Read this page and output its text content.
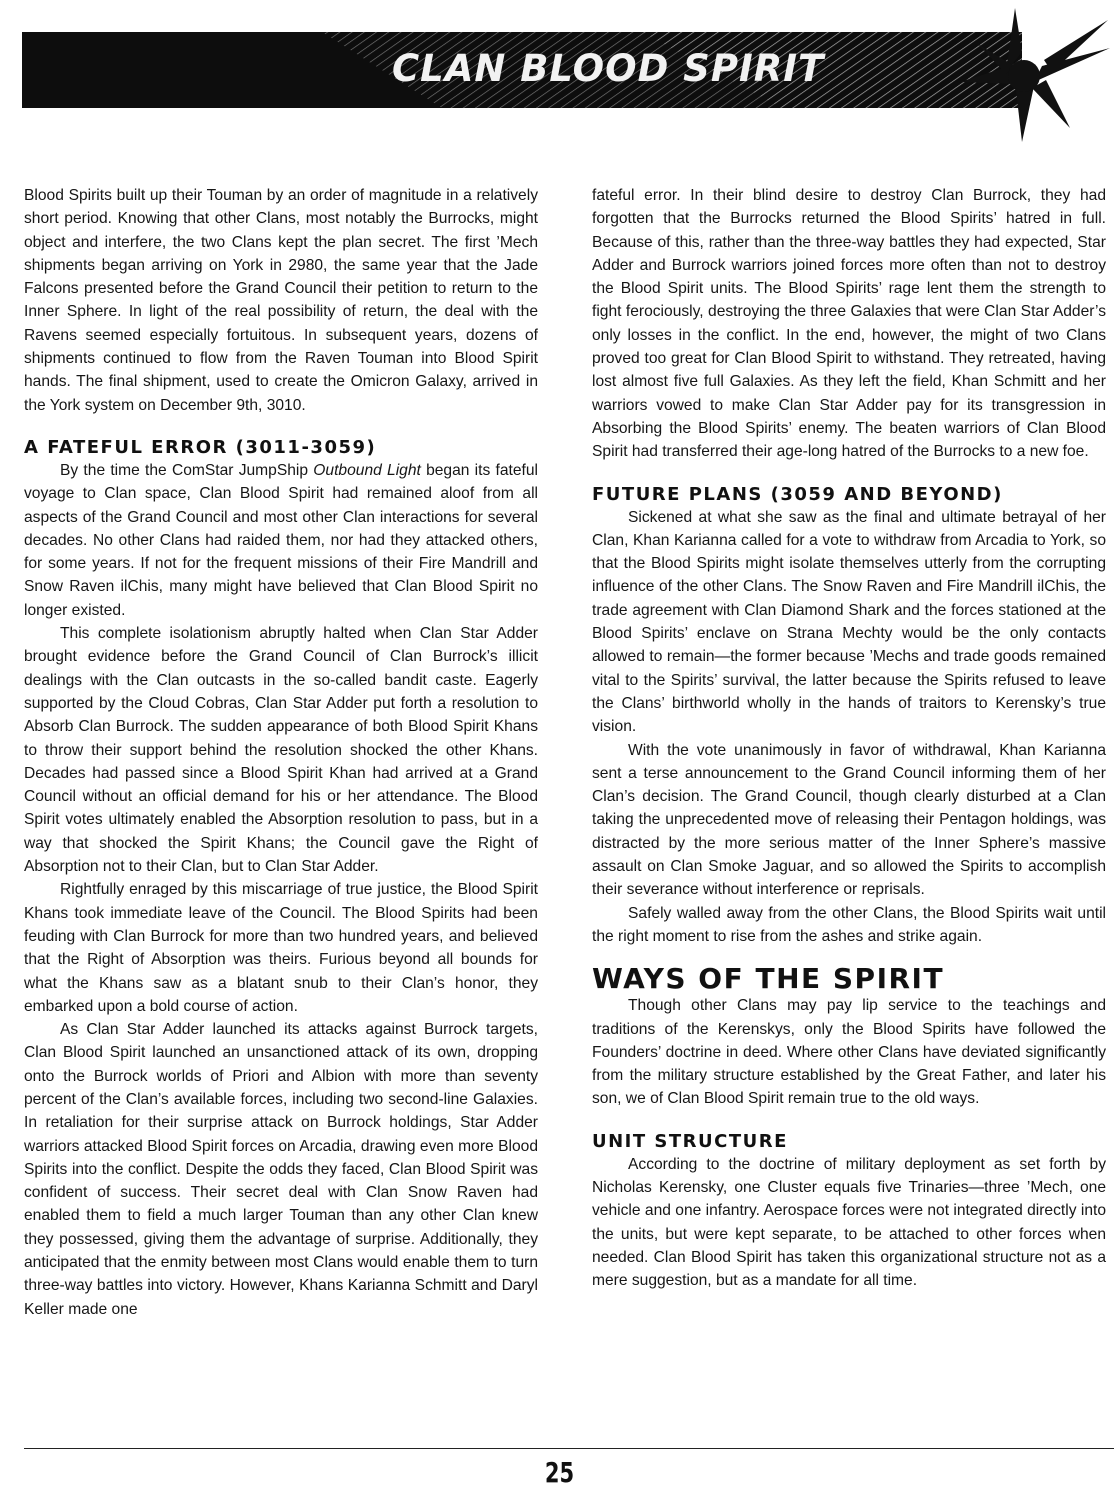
CLAN BLOOD SPIRIT

Blood Spirits built up their Touman by an order of magnitude in a relatively short period. Knowing that other Clans, most notably the Burrocks, might object and interfere, the two Clans kept the plan secret. The first ’Mech shipments began arriving on York in 2980, the same year that the Jade Falcons presented before the Grand Council their petition to return to the Inner Sphere. In light of the real possibility of return, the deal with the Ravens seemed especially fortuitous. In subsequent years, dozens of shipments continued to flow from the Raven Touman into Blood Spirit hands. The final shipment, used to create the Omicron Galaxy, arrived in the York system on December 9th, 3010.

A FATEFUL ERROR (3011-3059)

By the time the ComStar JumpShip Outbound Light began its fateful voyage to Clan space, Clan Blood Spirit had remained aloof from all aspects of the Grand Council and most other Clan interactions for several decades. No other Clans had raided them, nor had they attacked others, for some years. If not for the frequent missions of their Fire Mandrill and Snow Raven ilChis, many might have believed that Clan Blood Spirit no longer existed.

This complete isolationism abruptly halted when Clan Star Adder brought evidence before the Grand Council of Clan Burrock’s illicit dealings with the Clan outcasts in the so-called bandit caste. Eagerly supported by the Cloud Cobras, Clan Star Adder put forth a resolution to Absorb Clan Burrock. The sudden appearance of both Blood Spirit Khans to throw their support behind the resolution shocked the other Khans. Decades had passed since a Blood Spirit Khan had arrived at a Grand Council without an official demand for his or her attendance. The Blood Spirit votes ultimately enabled the Absorption resolution to pass, but in a way that shocked the Spirit Khans; the Council gave the Right of Absorption not to their Clan, but to Clan Star Adder.

Rightfully enraged by this miscarriage of true justice, the Blood Spirit Khans took immediate leave of the Council. The Blood Spirits had been feuding with Clan Burrock for more than two hundred years, and believed that the Right of Absorption was theirs. Furious beyond all bounds for what the Khans saw as a blatant snub to their Clan’s honor, they embarked upon a bold course of action.

As Clan Star Adder launched its attacks against Burrock targets, Clan Blood Spirit launched an unsanctioned attack of its own, dropping onto the Burrock worlds of Priori and Albion with more than seventy percent of the Clan’s available forces, including two second-line Galaxies. In retaliation for their surprise attack on Burrock holdings, Star Adder warriors attacked Blood Spirit forces on Arcadia, drawing even more Blood Spirits into the conflict. Despite the odds they faced, Clan Blood Spirit was confident of success. Their secret deal with Clan Snow Raven had enabled them to field a much larger Touman than any other Clan knew they possessed, giving them the advantage of surprise. Additionally, they anticipated that the enmity between most Clans would enable them to turn three-way battles into victory. However, Khans Karianna Schmitt and Daryl Keller made one

fateful error. In their blind desire to destroy Clan Burrock, they had forgotten that the Burrocks returned the Blood Spirits’ hatred in full. Because of this, rather than the three-way battles they had expected, Star Adder and Burrock warriors joined forces more often than not to destroy the Blood Spirit units. The Blood Spirits’ rage lent them the strength to fight ferociously, destroying the three Galaxies that were Clan Star Adder’s only losses in the conflict. In the end, however, the might of two Clans proved too great for Clan Blood Spirit to withstand. They retreated, having lost almost five full Galaxies. As they left the field, Khan Schmitt and her warriors vowed to make Clan Star Adder pay for its transgression in Absorbing the Blood Spirits’ enemy. The beaten warriors of Clan Blood Spirit had transferred their age-long hatred of the Burrocks to a new foe.

FUTURE PLANS (3059 AND BEYOND)

Sickened at what she saw as the final and ultimate betrayal of her Clan, Khan Karianna called for a vote to withdraw from Arcadia to York, so that the Blood Spirits might isolate themselves utterly from the corrupting influence of the other Clans. The Snow Raven and Fire Mandrill ilChis, the trade agreement with Clan Diamond Shark and the forces stationed at the Blood Spirits’ enclave on Strana Mechty would be the only contacts allowed to remain—the former because ’Mechs and trade goods remained vital to the Spirits’ survival, the latter because the Spirits refused to leave the Clans’ birthworld wholly in the hands of traitors to Kerensky’s true vision.

With the vote unanimously in favor of withdrawal, Khan Karianna sent a terse announcement to the Grand Council informing them of her Clan’s decision. The Grand Council, though clearly disturbed at a Clan taking the unprecedented move of releasing their Pentagon holdings, was distracted by the more serious matter of the Inner Sphere’s massive assault on Clan Smoke Jaguar, and so allowed the Spirits to accomplish their severance without interference or reprisals.

Safely walled away from the other Clans, the Blood Spirits wait until the right moment to rise from the ashes and strike again.

WAYS OF THE SPIRIT

Though other Clans may pay lip service to the teachings and traditions of the Kerenskys, only the Blood Spirits have followed the Founders’ doctrine in deed. Where other Clans have deviated significantly from the military structure established by the Great Father, and later his son, we of Clan Blood Spirit remain true to the old ways.

UNIT STRUCTURE

According to the doctrine of military deployment as set forth by Nicholas Kerensky, one Cluster equals five Trinaries—three ’Mech, one vehicle and one infantry. Aerospace forces were not integrated directly into the units, but were kept separate, to be attached to other forces when needed. Clan Blood Spirit has taken this organizational structure not as a mere suggestion, but as a mandate for all time.

25
